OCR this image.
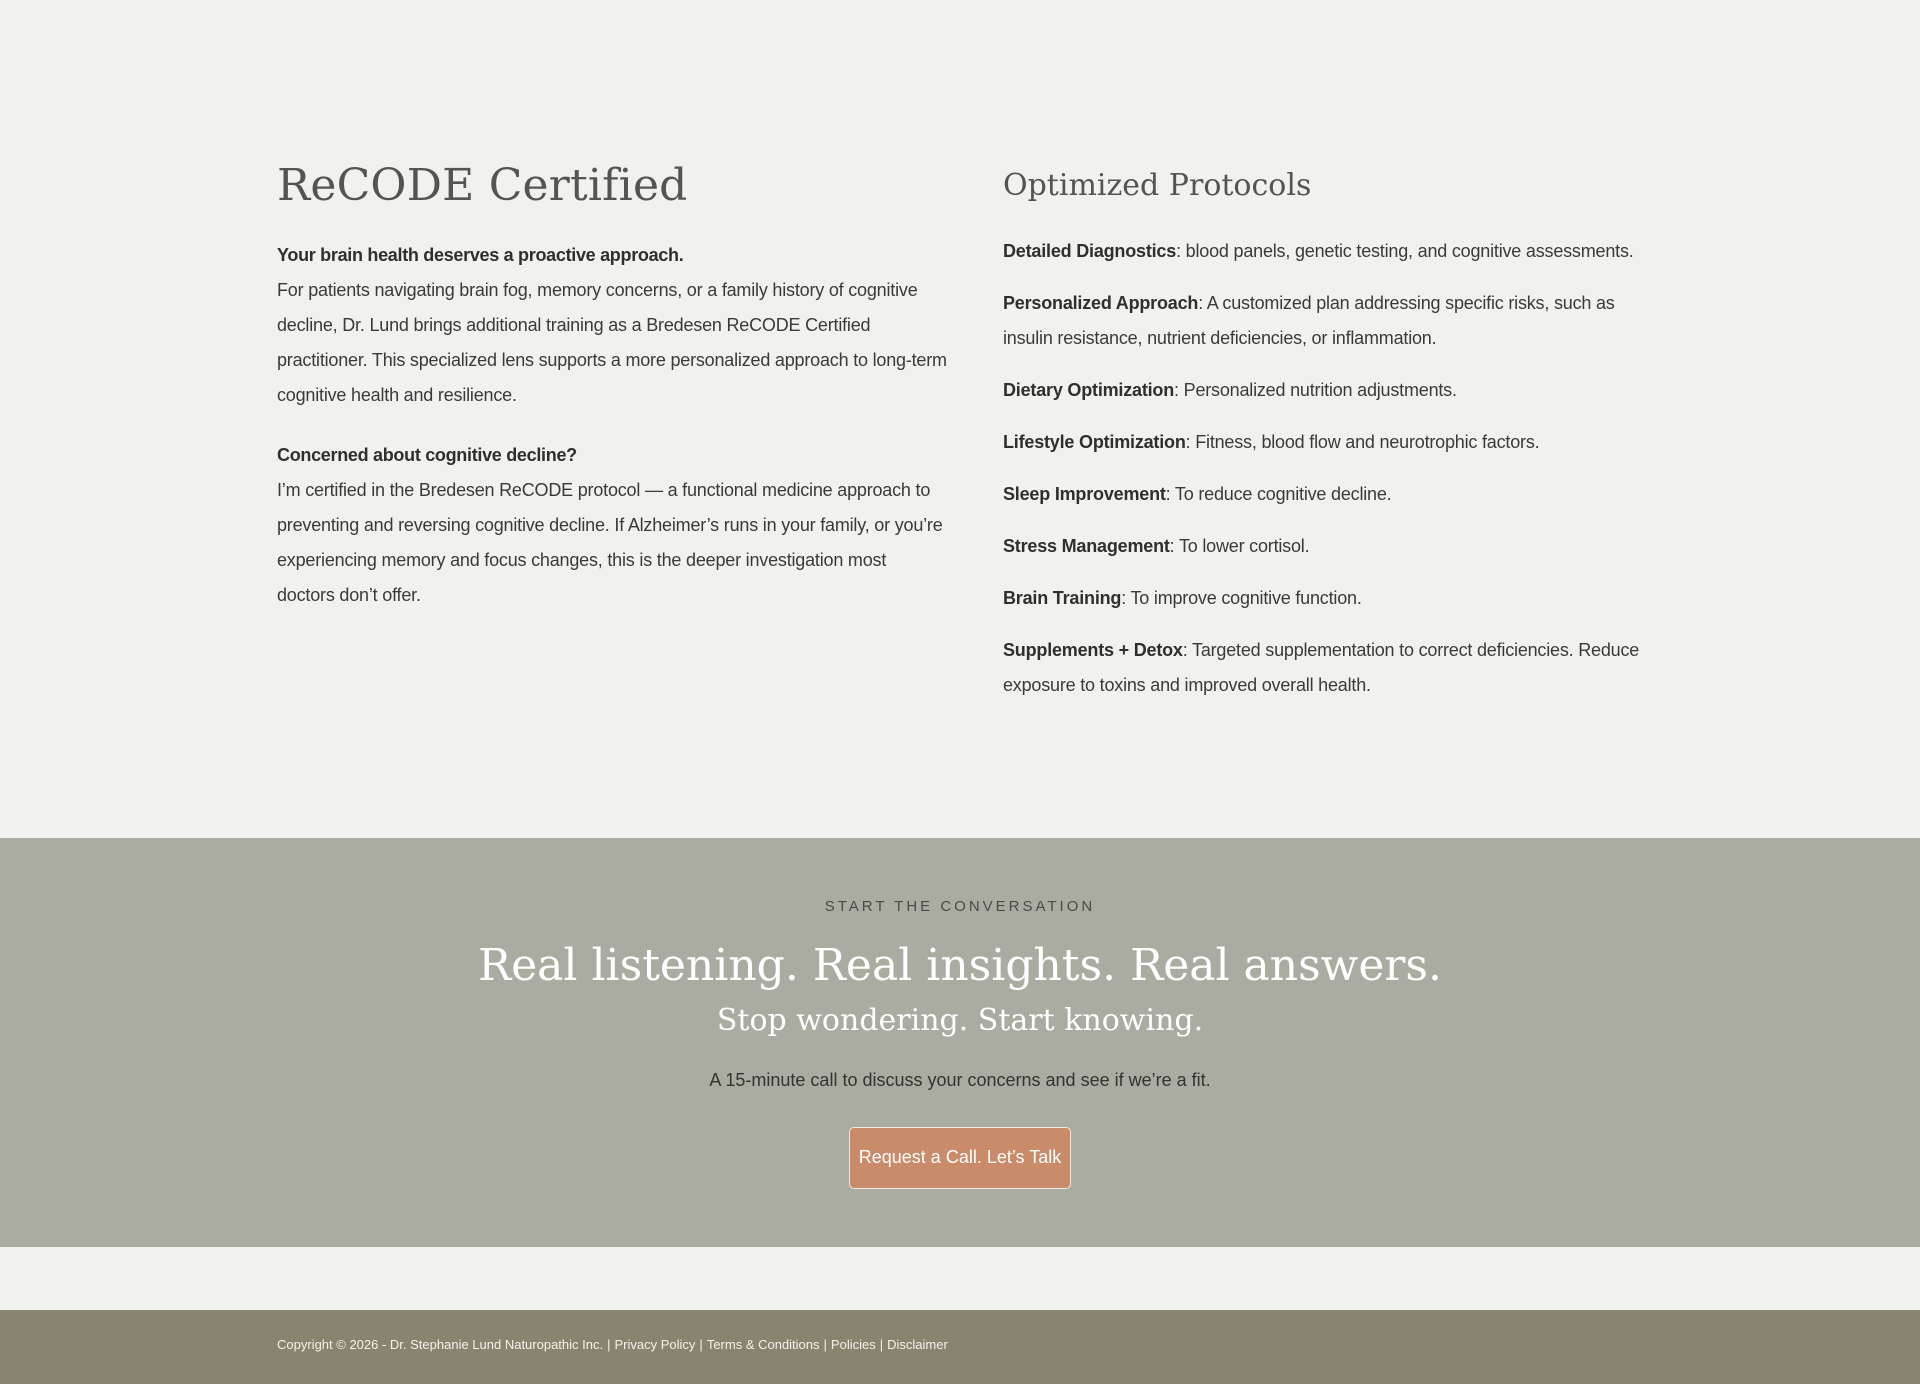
ReCODE Certified

Your brain health deserves a proactive approach.

For patients navigating brain fog, memory concerns, or a family history of cognitive decline, Dr. Lund brings additional training as a Bredesen ReCODE Certified practitioner. This specialized lens supports a more personalized approach to long-term cognitive health and resilience.

Concerned about cognitive decline?

I’m certified in the Bredesen ReCODE protocol — a functional medicine approach to preventing and reversing cognitive decline. If Alzheimer’s runs in your family, or you’re experiencing memory and focus changes, this is the deeper investigation most doctors don’t offer.

Optimized Protocols
Detailed Diagnostics: blood panels, genetic testing, and cognitive assessments.
Personalized Approach: A customized plan addressing specific risks, such as insulin resistance, nutrient deficiencies, or inflammation.
Dietary Optimization: Personalized nutrition adjustments.
Lifestyle Optimization: Fitness, blood flow and neurotrophic factors.
Sleep Improvement: To reduce cognitive decline.
Stress Management: To lower cortisol.
Brain Training: To improve cognitive function.
Supplements + Detox: Targeted supplementation to correct deficiencies. Reduce exposure to toxins and improved overall health.
START THE CONVERSATION
Real listening. Real insights. Real answers.
Stop wondering. Start knowing.
A 15-minute call to discuss your concerns and see if we’re a fit.
Request a Call. Let’s Talk
Copyright © 2026 - Dr. Stephanie Lund Naturopathic Inc. | Privacy Policy | Terms & Conditions | Policies | Disclaimer
